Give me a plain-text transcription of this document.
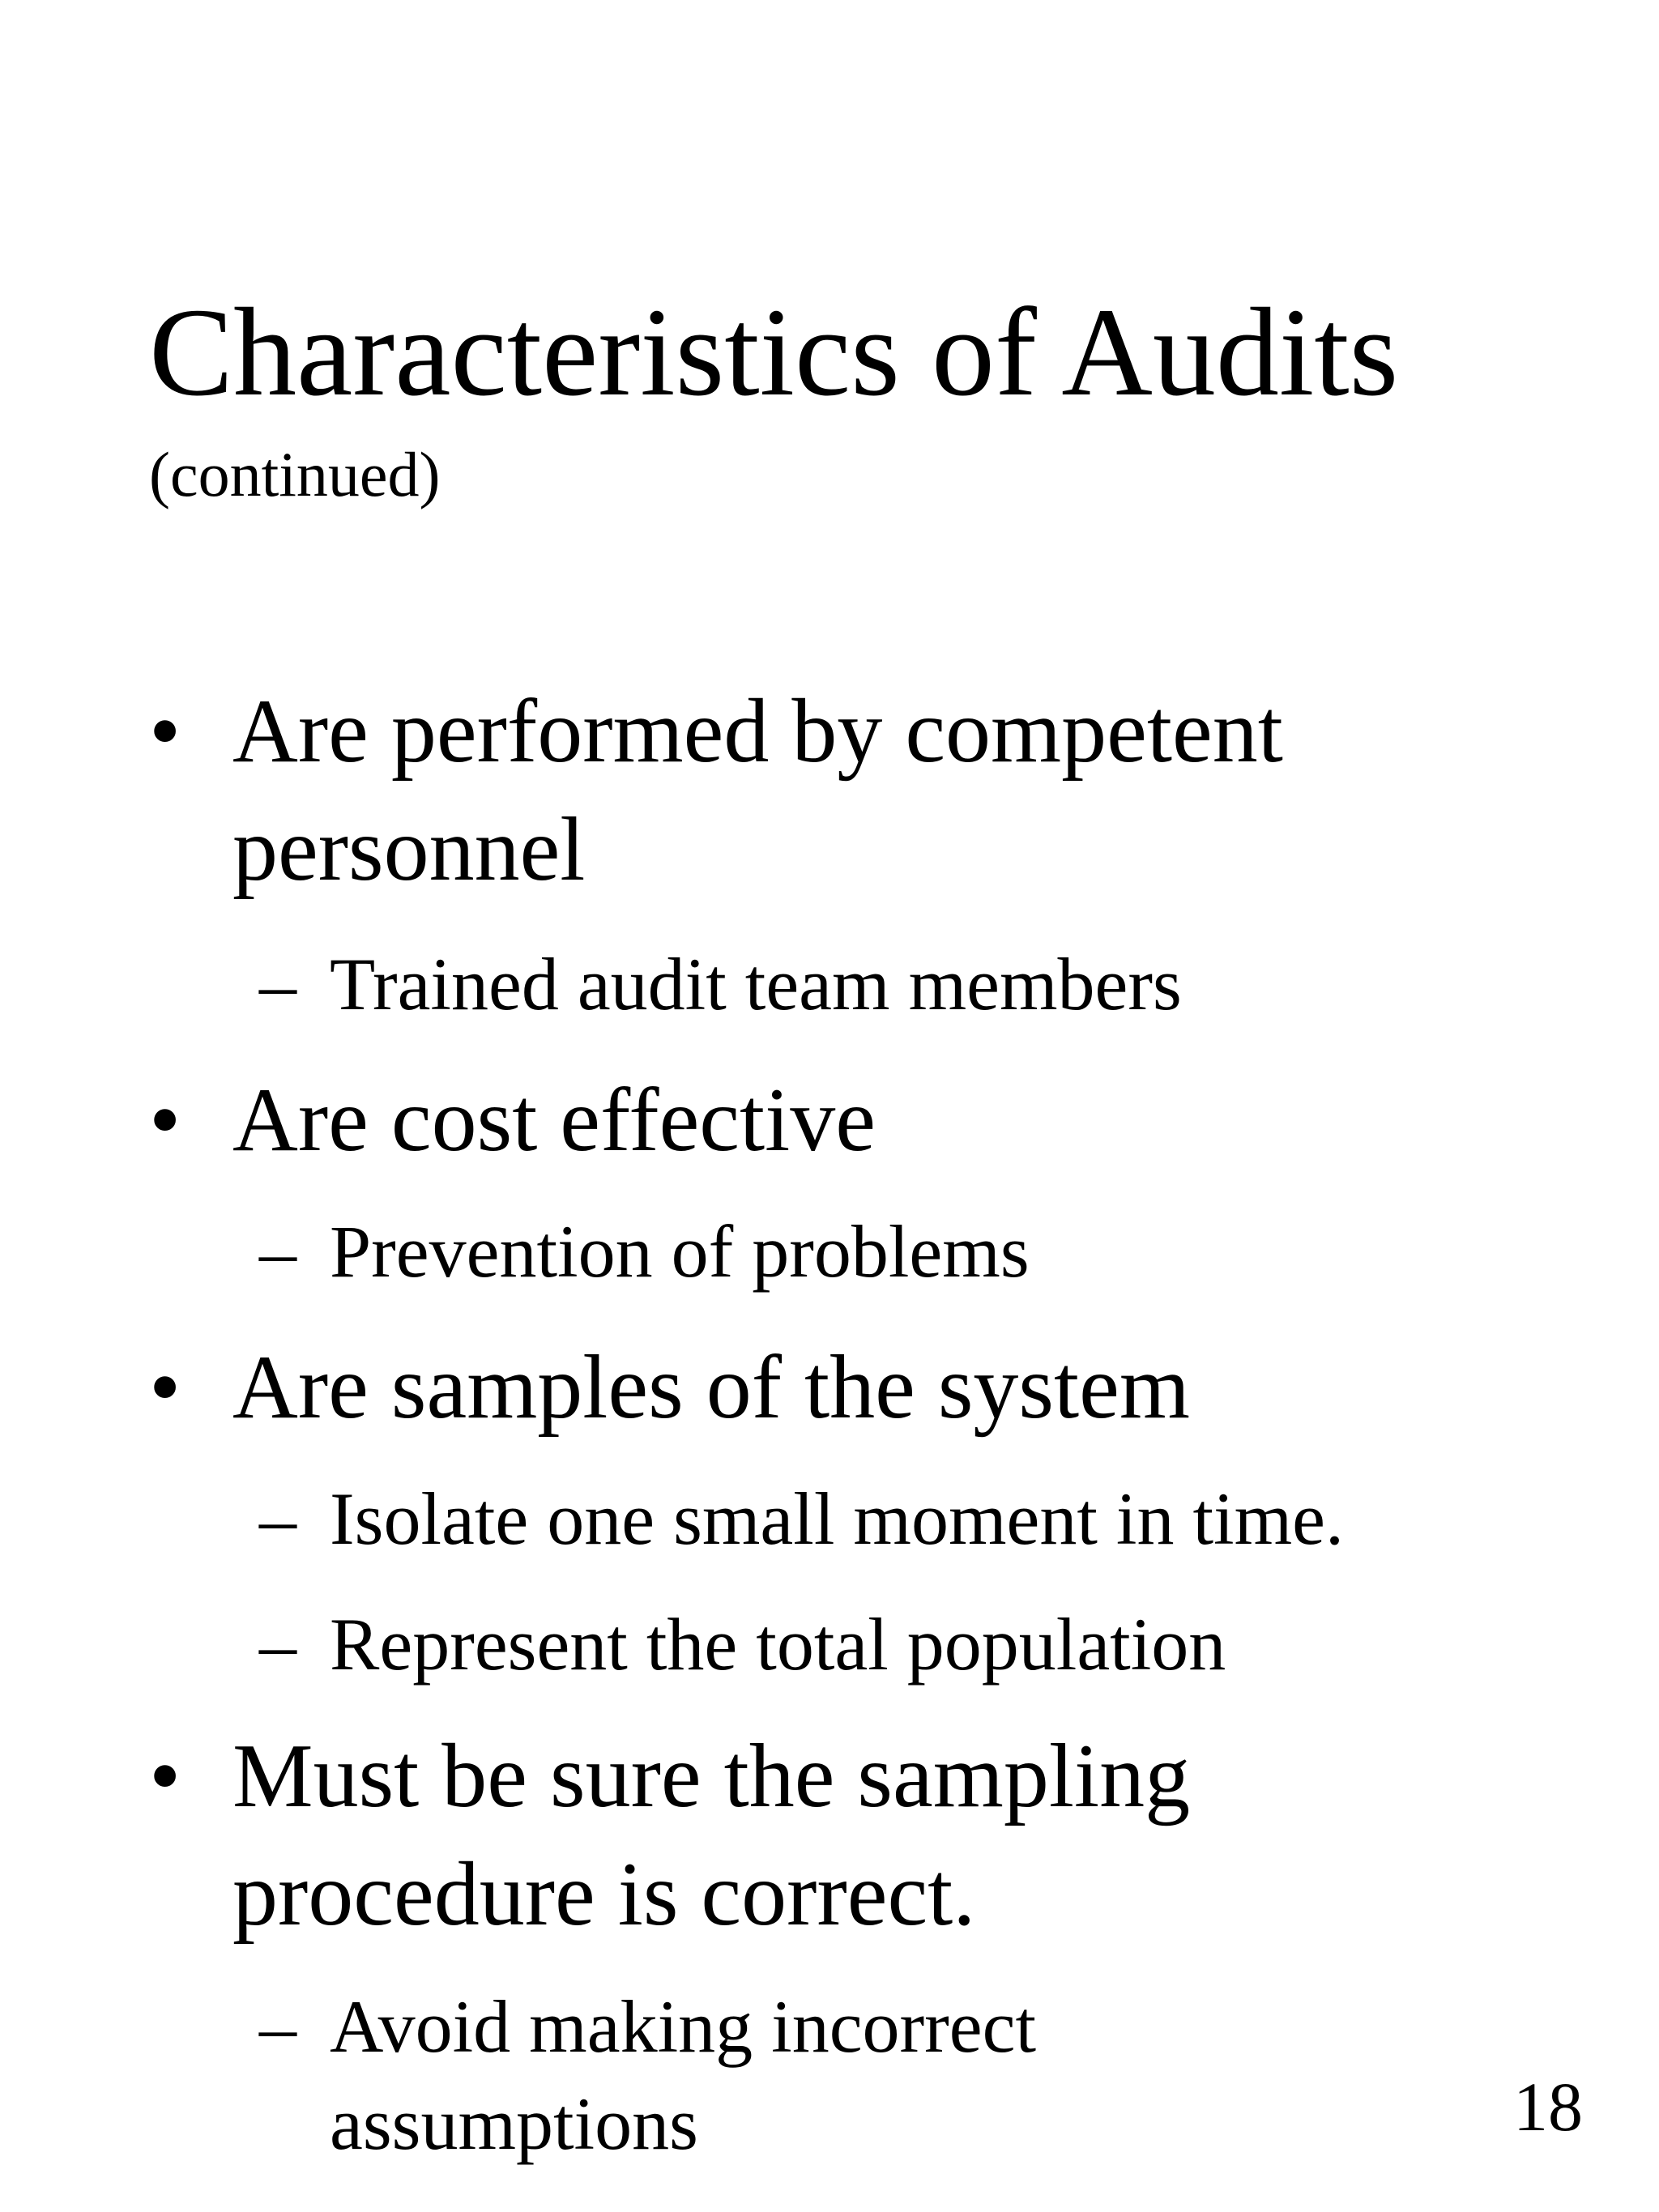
Characteristics of Audits
(continued)
• Are performed by competent
personnel
– Trained audit team members
• Are cost effective
– Prevention of problems
• Are samples of the system
– Isolate one small moment in time.
– Represent the total population
• Must be sure the sampling
procedure is correct.
– Avoid making incorrect
assumptions	18
